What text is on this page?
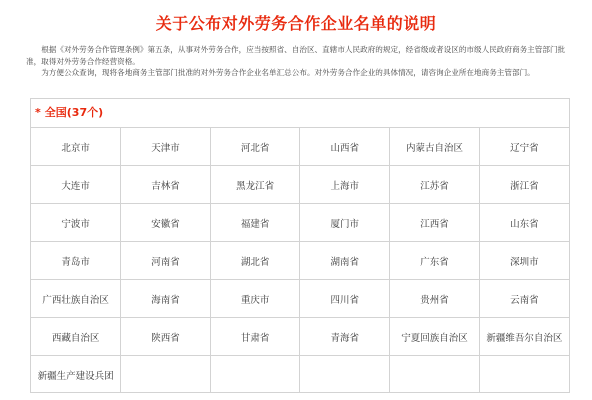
关于公布对外劳务合作企业名单的说明

根据《对外劳务合作管理条例》第五条，从事对外劳务合作，应当按照省、自治区、直辖市人民政府的规定，经省级或者设区的市级人民政府商务主管部门批准，取得对外劳务合作经营资格。

为方便公众查询，现将各地商务主管部门批准的对外劳务合作企业名单汇总公布。对外劳务合作企业的具体情况，请咨询企业所在地商务主管部门。

* 全国(37个)
北京市	天津市	河北省	山西省	内蒙古自治区	辽宁省
大连市	吉林省	黑龙江省	上海市	江苏省	浙江省
宁波市	安徽省	福建省	厦门市	江西省	山东省
青岛市	河南省	湖北省	湖南省	广东省	深圳市
广西壮族自治区	海南省	重庆市	四川省	贵州省	云南省
西藏自治区	陕西省	甘肃省	青海省	宁夏回族自治区	新疆维吾尔自治区
新疆生产建设兵团					
